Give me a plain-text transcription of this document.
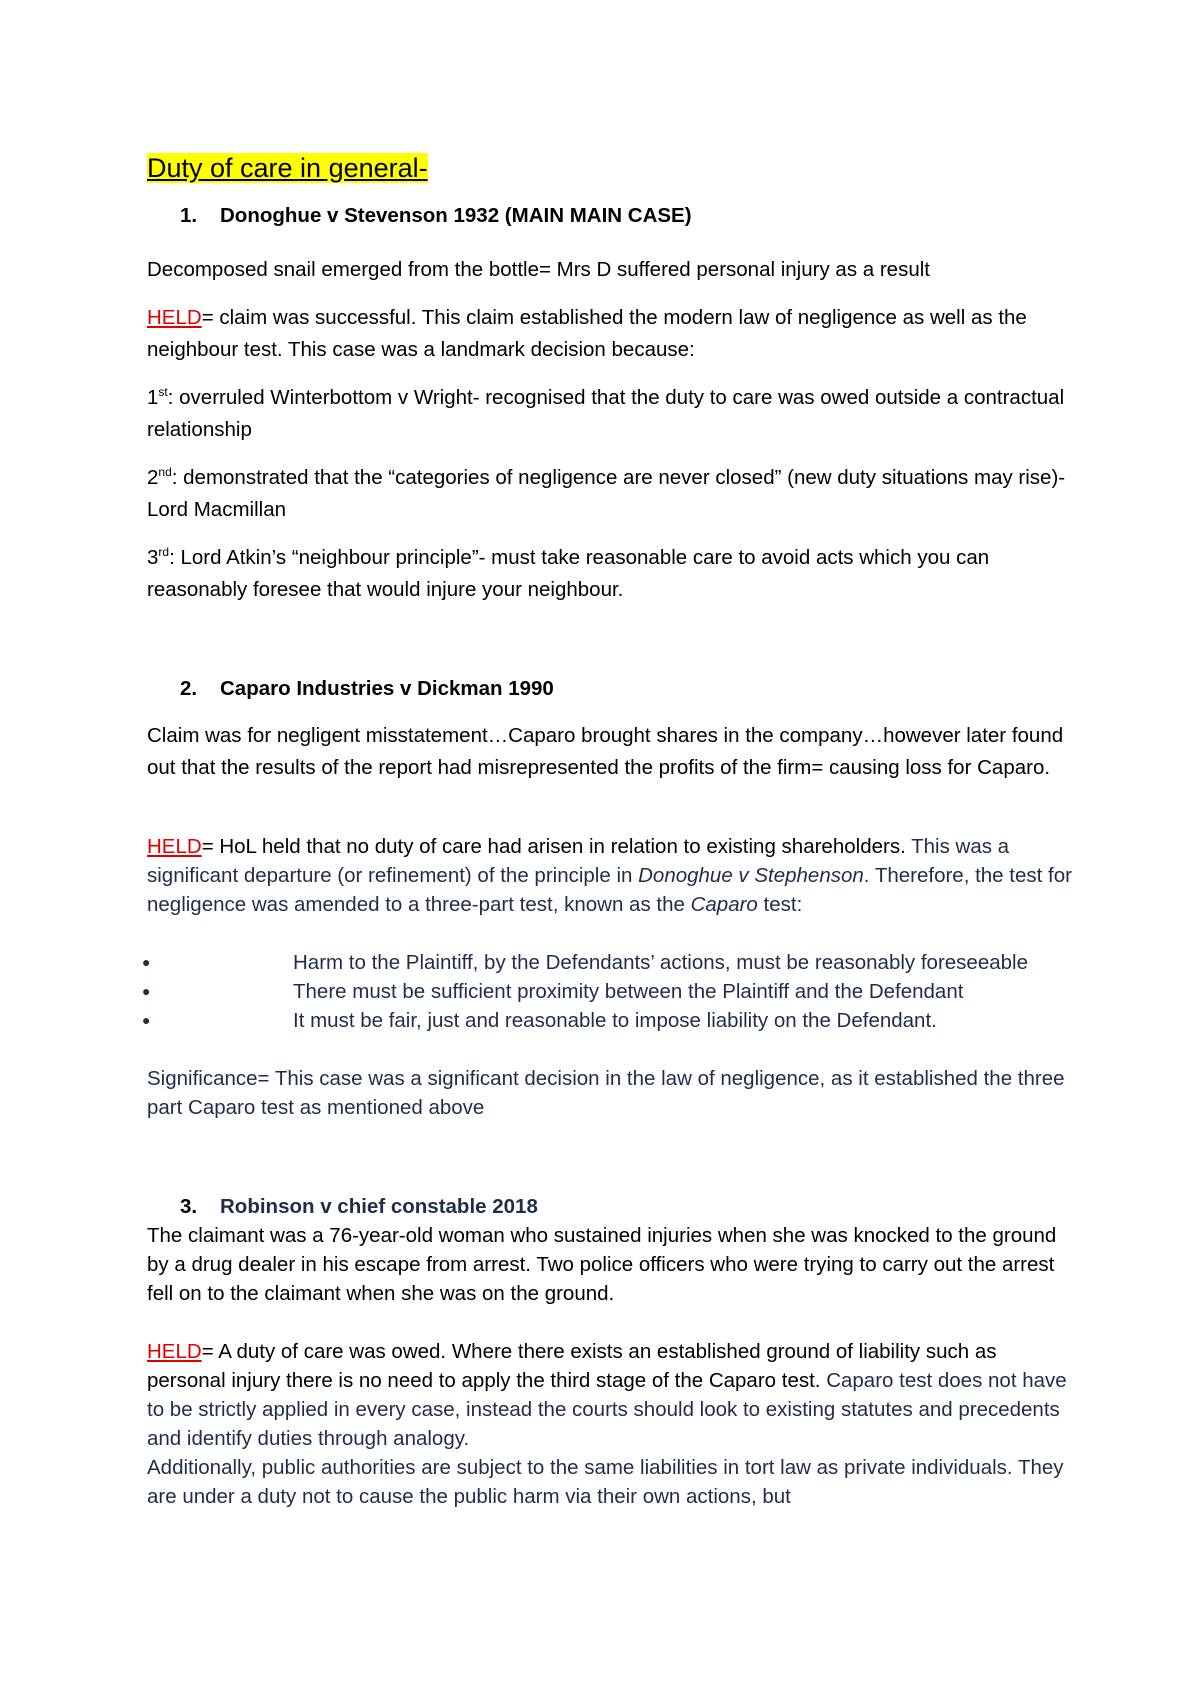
Duty of care in general-

1. Donoghue v Stevenson 1932 (MAIN MAIN CASE)

Decomposed snail emerged from the bottle= Mrs D suffered personal injury as a result

HELD= claim was successful. This claim established the modern law of negligence as well as the neighbour test. This case was a landmark decision because:

1st: overruled Winterbottom v Wright- recognised that the duty to care was owed outside a contractual relationship

2nd: demonstrated that the “categories of negligence are never closed” (new duty situations may rise)- Lord Macmillan

3rd: Lord Atkin’s “neighbour principle”- must take reasonable care to avoid acts which you can reasonably foresee that would injure your neighbour.

2. Caparo Industries v Dickman 1990

Claim was for negligent misstatement…Caparo brought shares in the company…however later found out that the results of the report had misrepresented the profits of the firm= causing loss for Caparo.

HELD= HoL held that no duty of care had arisen in relation to existing shareholders. This was a significant departure (or refinement) of the principle in Donoghue v Stephenson. Therefore, the test for negligence was amended to a three-part test, known as the Caparo test:

● Harm to the Plaintiff, by the Defendants’ actions, must be reasonably foreseeable
● There must be sufficient proximity between the Plaintiff and the Defendant
● It must be fair, just and reasonable to impose liability on the Defendant.

Significance= This case was a significant decision in the law of negligence, as it established the three part Caparo test as mentioned above

3. Robinson v chief constable 2018

The claimant was a 76-year-old woman who sustained injuries when she was knocked to the ground by a drug dealer in his escape from arrest. Two police officers who were trying to carry out the arrest fell on to the claimant when she was on the ground.

HELD= A duty of care was owed. Where there exists an established ground of liability such as personal injury there is no need to apply the third stage of the Caparo test. Caparo test does not have to be strictly applied in every case, instead the courts should look to existing statutes and precedents and identify duties through analogy.

Additionally, public authorities are subject to the same liabilities in tort law as private individuals. They are under a duty not to cause the public harm via their own actions, but
